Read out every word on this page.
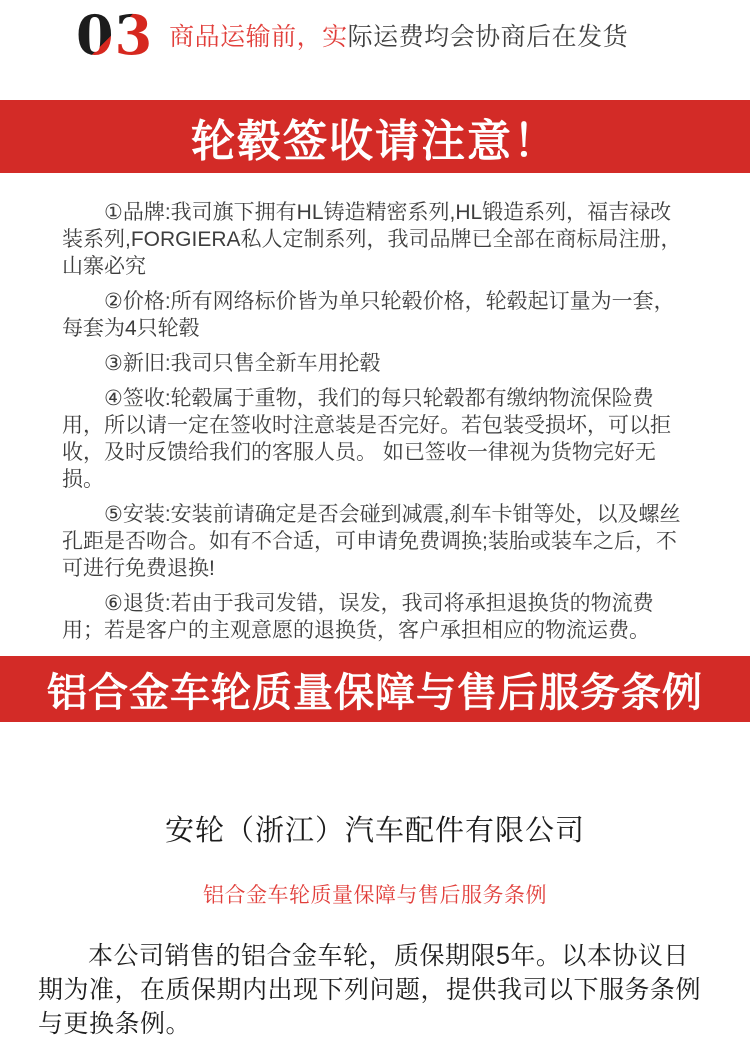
03 商品运输前，实际运费均会协商后在发货
轮毂签收请注意！

①品牌:我司旗下拥有HL铸造精密系列,HL锻造系列，福吉禄改装系列,FORGIERA私人定制系列，我司品牌已全部在商标局注册，山寨必究

②价格:所有网络标价皆为单只轮毂价格，轮毂起订量为一套，每套为4只轮毂

③新旧:我司只售全新车用抡毂

④签收:轮毂属于重物，我们的每只轮毂都有缴纳物流保险费用，所以请一定在签收时注意装是否完好。若包装受损坏，可以拒收，及时反馈给我们的客服人员。 如已签收一律视为货物完好无损。

⑤安装:安装前请确定是否会碰到减震,刹车卡钳等处，以及螺丝孔距是否吻合。如有不合适，可申请免费调换;装胎或装车之后，不可进行免费退换!

⑥退货:若由于我司发错，误发，我司将承担退换货的物流费用；若是客户的主观意愿的退换货，客户承担相应的物流运费。

铝合金车轮质量保障与售后服务条例
安轮（浙江）汽车配件有限公司

铝合金车轮质量保障与售后服务条例

本公司销售的铝合金车轮，质保期限5年。以本协议日期为准，在质保期内出现下列问题，提供我司以下服务条例与更换条例。
